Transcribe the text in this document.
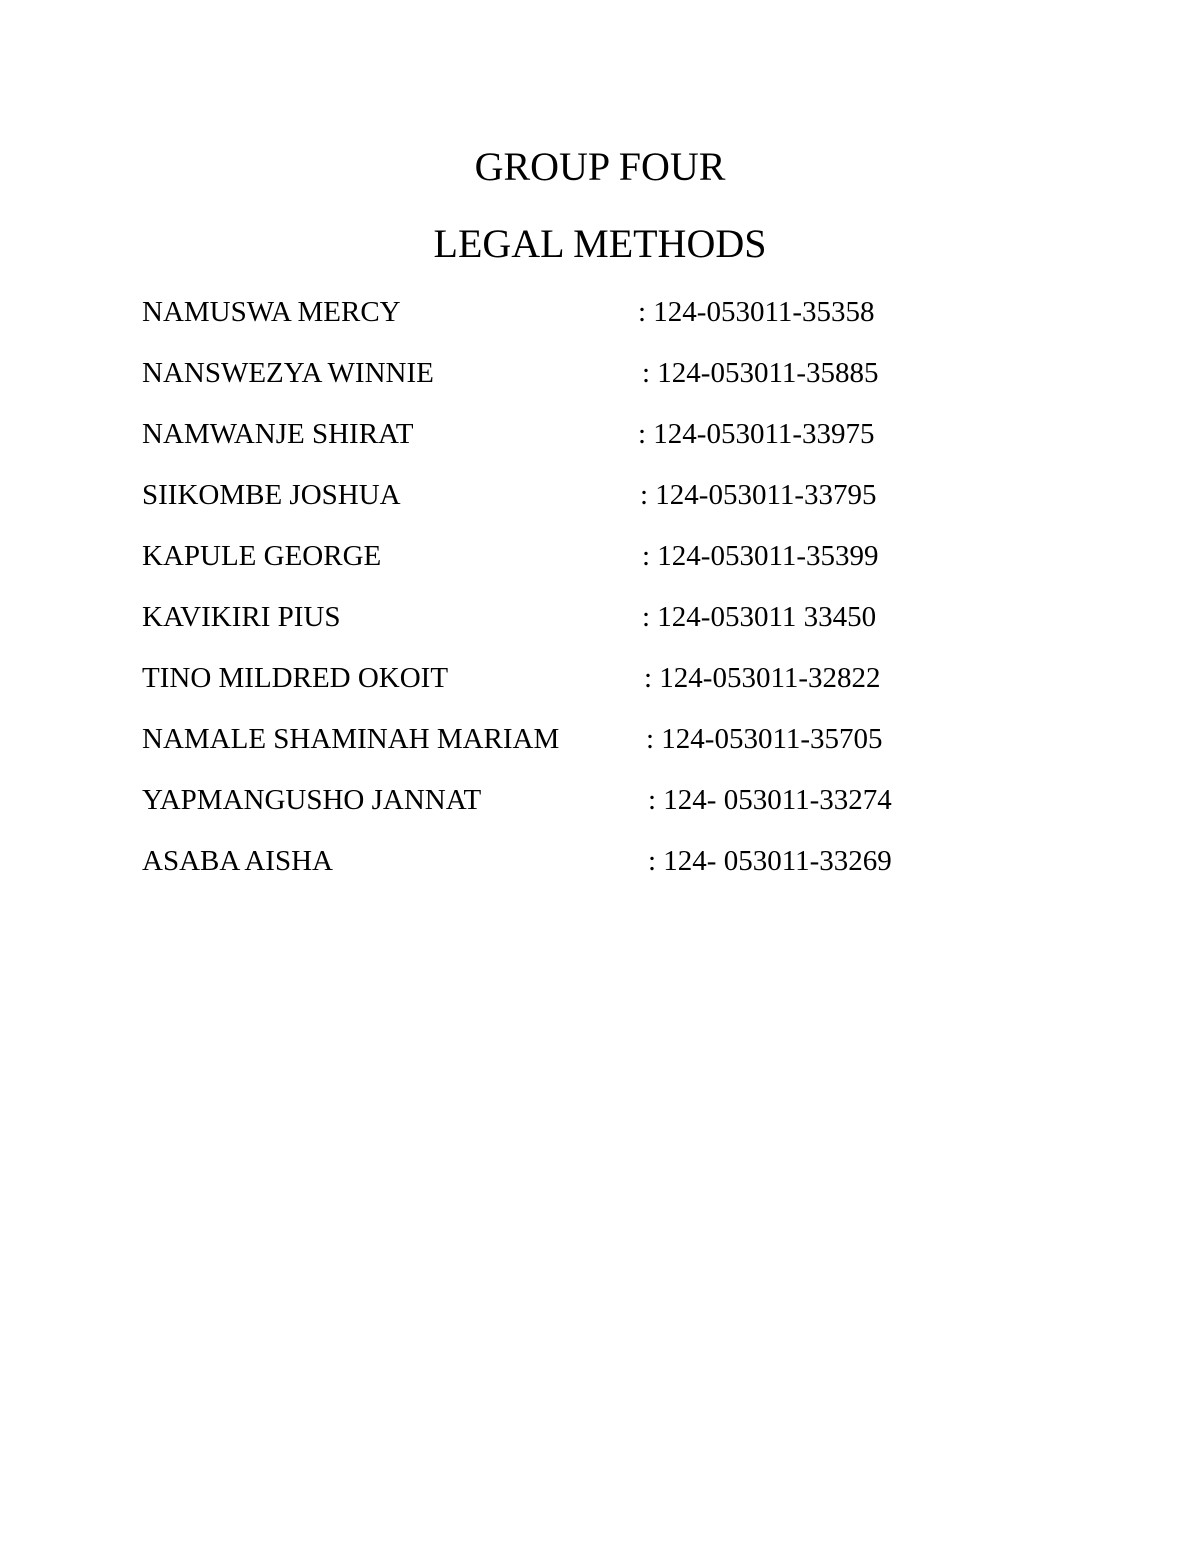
GROUP FOUR
LEGAL METHODS
NAMUSWA MERCY	: 124-053011-35358
NANSWEZYA WINNIE	: 124-053011-35885
NAMWANJE SHIRAT	: 124-053011-33975
SIIKOMBE JOSHUA	: 124-053011-33795
KAPULE GEORGE	: 124-053011-35399
KAVIKIRI PIUS	: 124-053011 33450
TINO MILDRED OKOIT	: 124-053011-32822
NAMALE SHAMINAH MARIAM	: 124-053011-35705
YAPMANGUSHO JANNAT	: 124- 053011-33274
ASABA AISHA	: 124- 053011-33269
